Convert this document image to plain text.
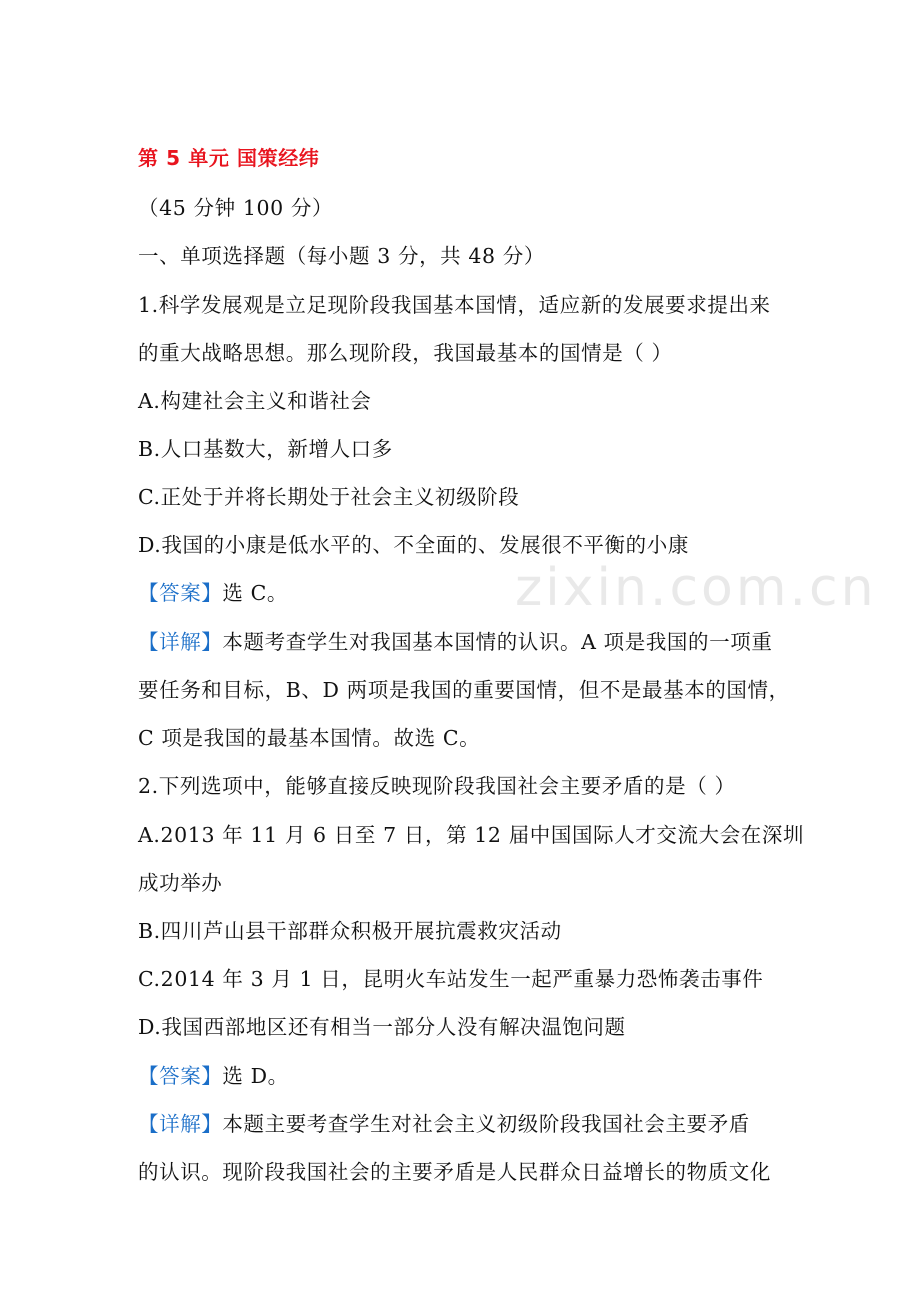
zixin.com.cn
第 5 单元 国策经纬
（45 分钟 100 分）
一、单项选择题（每小题 3 分，共 48 分）
1.科学发展观是立足现阶段我国基本国情，适应新的发展要求提出来
的重大战略思想。那么现阶段，我国最基本的国情是（ ）
A.构建社会主义和谐社会
B.人口基数大，新增人口多
C.正处于并将长期处于社会主义初级阶段
D.我国的小康是低水平的、不全面的、发展很不平衡的小康
【答案】选 C。
【详解】本题考查学生对我国基本国情的认识。A 项是我国的一项重
要任务和目标，B、D 两项是我国的重要国情，但不是最基本的国情，
C 项是我国的最基本国情。故选 C。
2.下列选项中，能够直接反映现阶段我国社会主要矛盾的是（ ）
A.2013 年 11 月 6 日至 7 日，第 12 届中国国际人才交流大会在深圳
成功举办
B.四川芦山县干部群众积极开展抗震救灾活动
C.2014 年 3 月 1 日，昆明火车站发生一起严重暴力恐怖袭击事件
D.我国西部地区还有相当一部分人没有解决温饱问题
【答案】选 D。
【详解】本题主要考查学生对社会主义初级阶段我国社会主要矛盾
的认识。现阶段我国社会的主要矛盾是人民群众日益增长的物质文化
